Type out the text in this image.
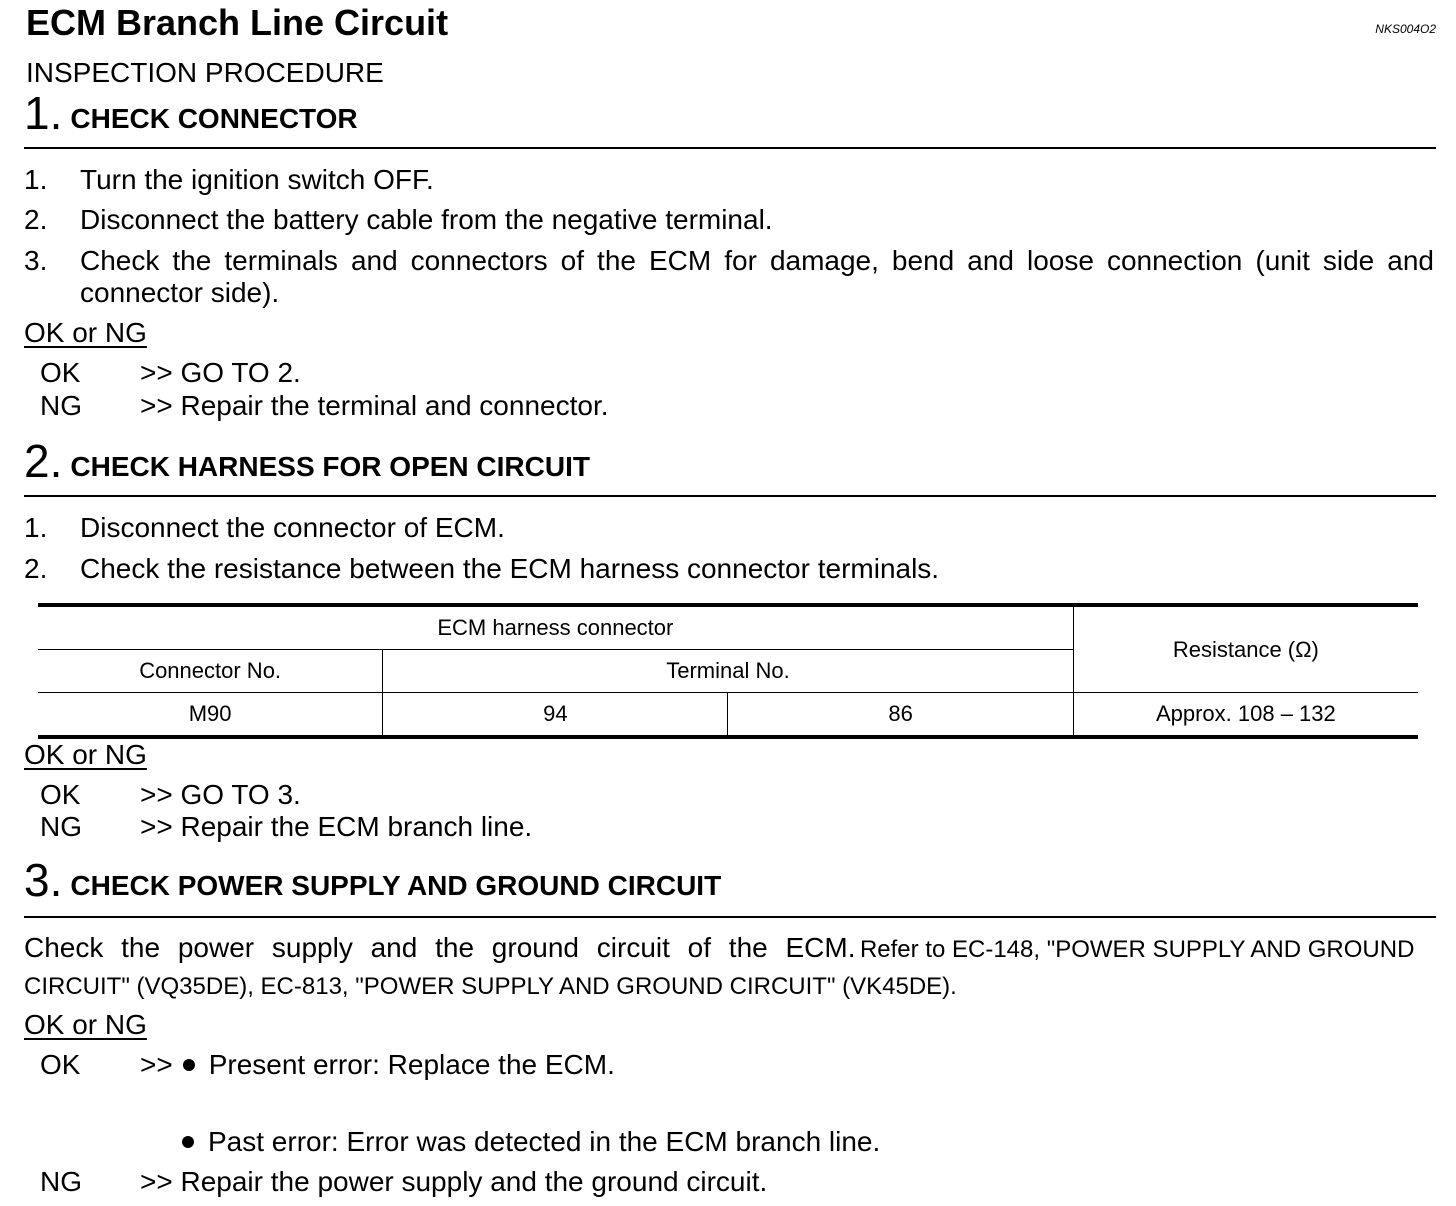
ECM Branch Line Circuit	NKS004O2
INSPECTION PROCEDURE
1. CHECK CONNECTOR
1. Turn the ignition switch OFF.
2. Disconnect the battery cable from the negative terminal.
3. Check the terminals and connectors of the ECM for damage, bend and loose connection (unit side and connector side).
OK or NG
OK >> GO TO 2.
NG >> Repair the terminal and connector.
2. CHECK HARNESS FOR OPEN CIRCUIT
1. Disconnect the connector of ECM.
2. Check the resistance between the ECM harness connector terminals.
ECM harness connector			Resistance (Ω)
Connector No.	Terminal No.		
M90	94	86	Approx. 108 – 132
OK or NG
OK >> GO TO 3.
NG >> Repair the ECM branch line.
3. CHECK POWER SUPPLY AND GROUND CIRCUIT
Check the power supply and the ground circuit of the ECM. Refer to EC-148, "POWER SUPPLY AND GROUND CIRCUIT" (VQ35DE), EC-813, "POWER SUPPLY AND GROUND CIRCUIT" (VK45DE).
OK or NG
OK >> Present error: Replace the ECM.
Past error: Error was detected in the ECM branch line.
NG >> Repair the power supply and the ground circuit.
